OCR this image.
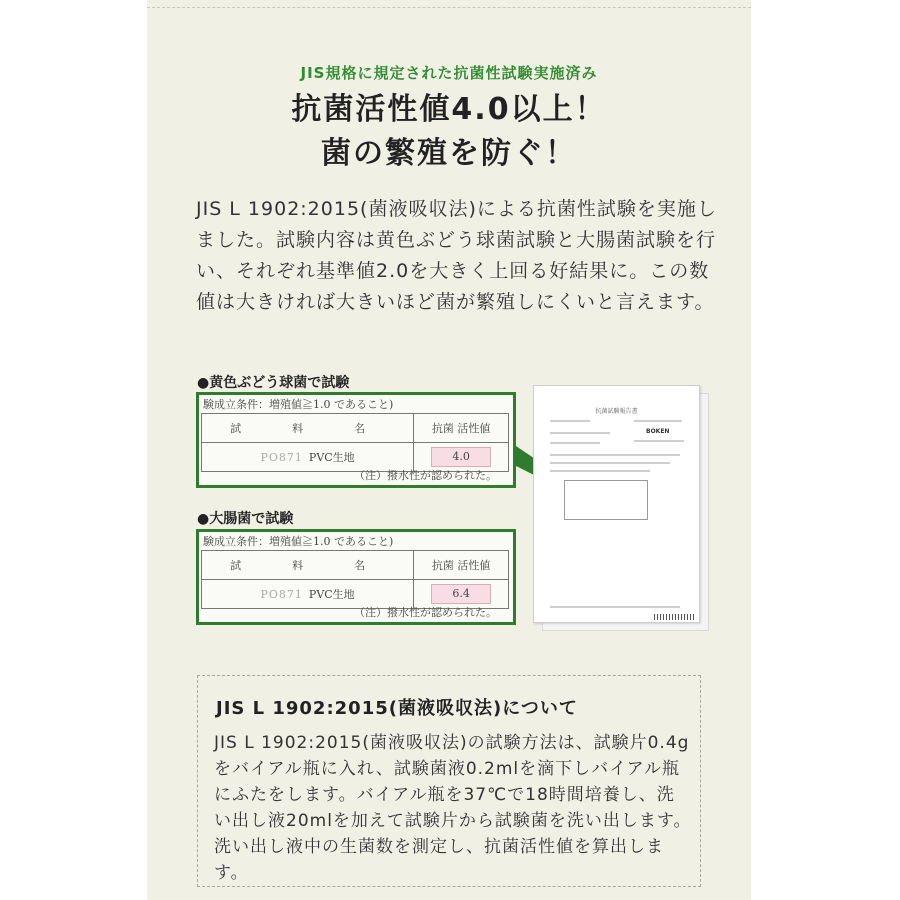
JIS規格に規定された抗菌性試験実施済み
抗菌活性値4.0以上！
菌の繁殖を防ぐ！
JIS L 1902:2015(菌液吸収法)による抗菌性試験を実施しました。試験内容は黄色ぶどう球菌試験と大腸菌試験を行い、それぞれ基準値2.0を大きく上回る好結果に。この数値は大きければ大きいほど菌が繁殖しにくいと言えます。
●黄色ぶどう球菌で試験
験成立条件：増殖値≧1.0 であること)
試　料　名	抗菌 活性値
PO871 PVC生地	4.0
（注）撥水性が認められた。
●大腸菌で試験
験成立条件：増殖値≧1.0 であること)
試　料　名	抗菌 活性値
PO871 PVC生地	6.4
（注）撥水性が認められた。
抗菌試験報告書
BOKEN
JIS L 1902:2015(菌液吸収法)について
JIS L 1902:2015(菌液吸収法)の試験方法は、試験片0.4gをバイアル瓶に入れ、試験菌液0.2mlを滴下しバイアル瓶にふたをします。バイアル瓶を37℃で18時間培養し、洗い出し液20mlを加えて試験片から試験菌を洗い出します。洗い出し液中の生菌数を測定し、抗菌活性値を算出します。
